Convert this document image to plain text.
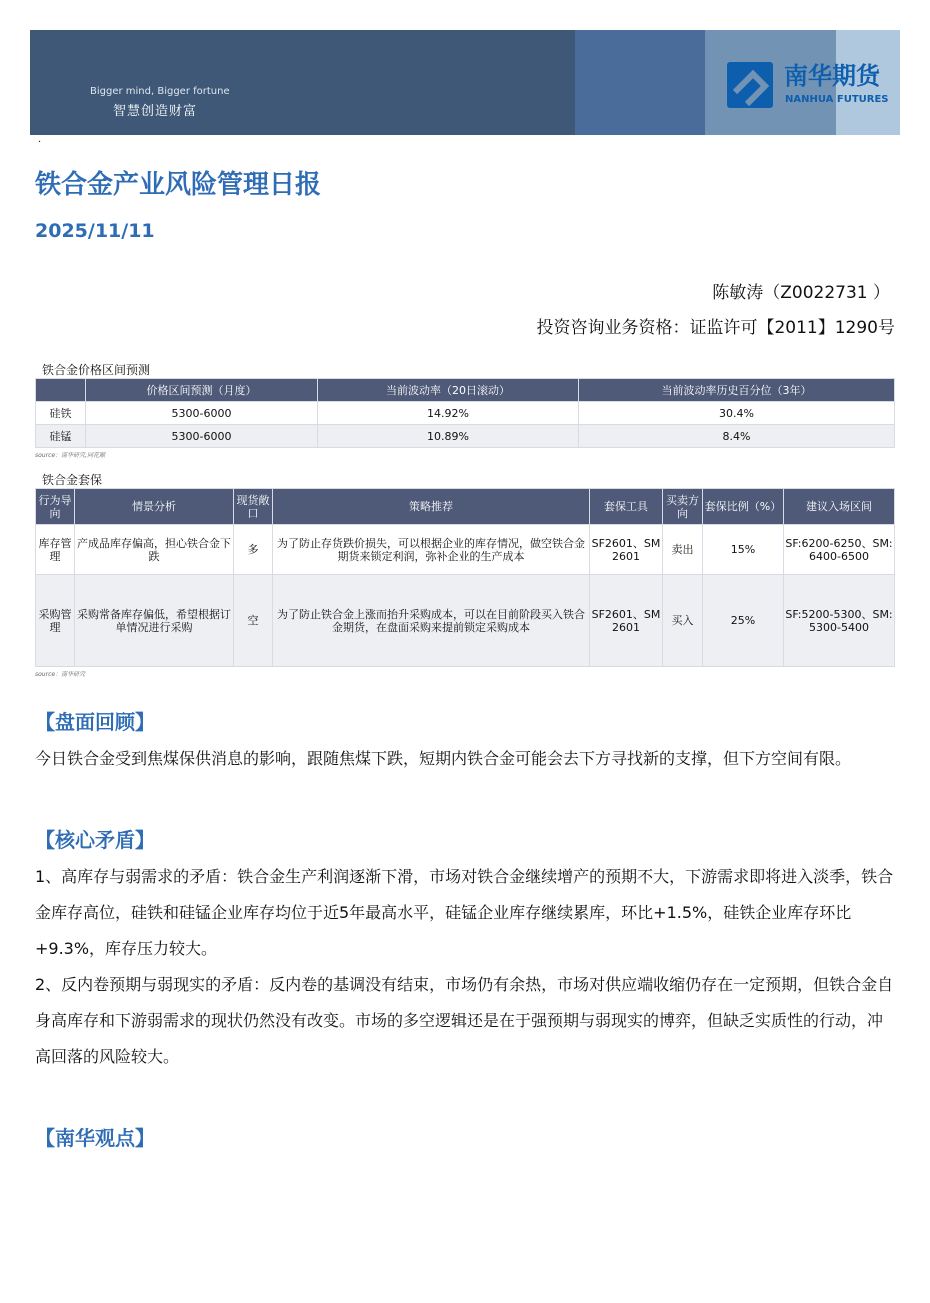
Bigger mind, Bigger fortune
智慧创造财富
南华期货
NANHUA FUTURES
·
铁合金产业风险管理日报
2025/11/11
陈敏涛（Z0022731 ）
投资咨询业务资格：证监许可【2011】1290号
铁合金价格区间预测
	价格区间预测（月度）	当前波动率（20日滚动）	当前波动率历史百分位（3年）
硅铁	5300-6000	14.92%	30.4%
硅锰	5300-6000	10.89%	8.4%
source：南华研究,同花顺
铁合金套保
行为导向	情景分析	现货敞口	策略推荐	套保工具	买卖方向	套保比例（%）	建议入场区间
库存管理	产成品库存偏高，担心铁合金下跌	多	为了防止存货跌价损失，可以根据企业的库存情况，做空铁合金期货来锁定利润，弥补企业的生产成本	SF2601、SM2601	卖出	15%	SF:6200-6250、SM:6400-6500
采购管理	采购常备库存偏低，希望根据订单情况进行采购	空	为了防止铁合金上涨而抬升采购成本，可以在目前阶段买入铁合金期货，在盘面采购来提前锁定采购成本	SF2601、SM2601	买入	25%	SF:5200-5300、SM:5300-5400
source：南华研究
【盘面回顾】
今日铁合金受到焦煤保供消息的影响，跟随焦煤下跌，短期内铁合金可能会去下方寻找新的支撑，但下方空间有限。
【核心矛盾】
1、高库存与弱需求的矛盾：铁合金生产利润逐渐下滑，市场对铁合金继续增产的预期不大，下游需求即将进入淡季，铁合金库存高位，硅铁和硅锰企业库存均位于近5年最高水平，硅锰企业库存继续累库，环比+1.5%，硅铁企业库存环比+9.3%，库存压力较大。
2、反内卷预期与弱现实的矛盾：反内卷的基调没有结束，市场仍有余热，市场对供应端收缩仍存在一定预期，但铁合金自身高库存和下游弱需求的现状仍然没有改变。市场的多空逻辑还是在于强预期与弱现实的博弈，但缺乏实质性的行动，冲高回落的风险较大。
【南华观点】
